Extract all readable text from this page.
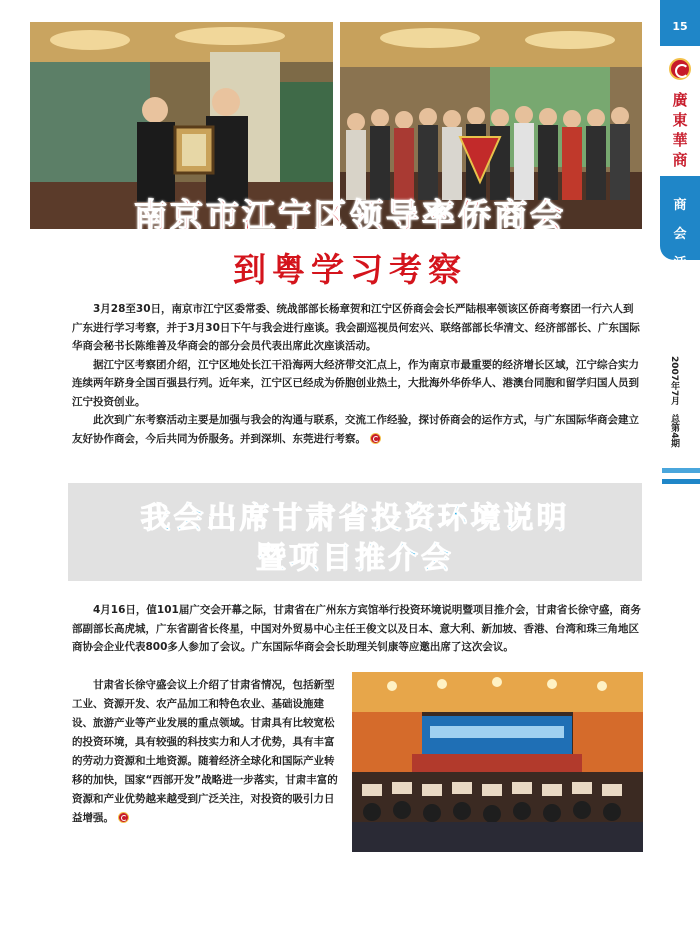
15
廣
東
華
商
商
会
活
动
2007年7月　总第4期
南京市江宁区领导率侨商会
到粤学习考察

3月28至30日，南京市江宁区委常委、统战部部长杨章贺和江宁区侨商会会长严陆根率领该区侨商考察团一行六人到广东进行学习考察，并于3月30日下午与我会进行座谈。我会副巡视员何宏兴、联络部部长华清文、经济部部长、广东国际华商会秘书长陈维善及华商会的部分会员代表出席此次座谈活动。

据江宁区考察团介绍，江宁区地处长江干沿海两大经济带交汇点上，作为南京市最重要的经济增长区域，江宁综合实力连续两年跻身全国百强县行列。近年来，江宁区已经成为侨胞创业热土，大批海外华侨华人、港澳台同胞和留学归国人员到江宁投资创业。

此次到广东考察活动主要是加强与我会的沟通与联系，交流工作经验，探讨侨商会的运作方式，与广东国际华商会建立友好协作商会，今后共同为侨服务。并到深圳、东莞进行考察。

我会出席甘肃省投资环境说明
暨项目推介会

4月16日，值101届广交会开幕之际，甘肃省在广州东方宾馆举行投资环境说明暨项目推介会，甘肃省长徐守盛，商务部副部长高虎城，广东省副省长佟星，中国对外贸易中心主任王俊文以及日本、意大利、新加坡、香港、台湾和珠三角地区商协会企业代表800多人参加了会议。广东国际华商会会长助理关钊康等应邀出席了这次会议。

甘肃省长徐守盛会议上介绍了甘肃省情况，包括新型工业、资源开发、农产品加工和特色农业、基础设施建设、旅游产业等产业发展的重点领域。甘肃具有比较宽松的投资环境，具有较强的科技实力和人才优势，具有丰富的劳动力资源和土地资源。随着经济全球化和国际产业转移的加快，国家“西部开发”战略进一步落实，甘肃丰富的资源和产业优势越来越受到广泛关注，对投资的吸引力日益增强。
